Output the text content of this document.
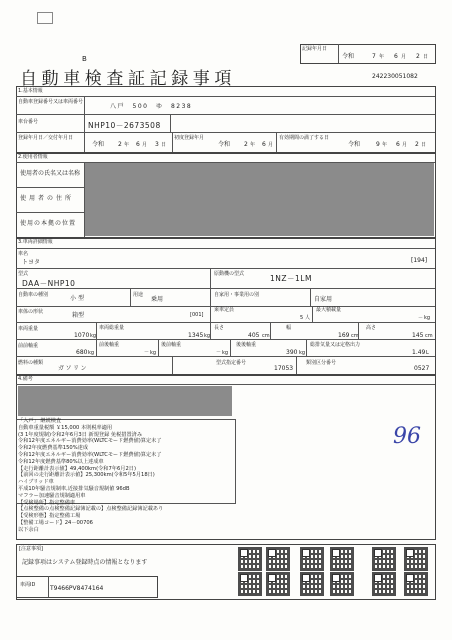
B
自動車検査証記録事項
記録年月日
令和	7 年 6 月 2 日
242230051082
1.基本情報
自動車登録番号又は車両番号
八戸　500　ゆ　8238
車台番号	NHP10－2673508
登録年月日／交付年月日
令和 2 年 6 月 3 日
初度登録年月
令和 2 年 6 月
有効期間の満了する日
令和	9 年 6 月 2 日
2.使用者情報
使用者の氏名又は名称
使用者の住所
使用の本拠の位置
3.車両詳細情報
車名
トヨタ	[194]
型式
DAA－NHP10
原動機の型式	1NZ－1LM
自動車の種別	小型	用途
乗用
自家用・事業用の別
自家用
車体の形状	箱型	[001]
乗車定員
5 人
最大積載量
－ kg
車両重量
1070 kg
車両総重量
1345 kg
長さ
405 cm
幅
169 cm
高さ
145 cm
前前軸重
680 kg
前後軸重
－ kg
後前軸重
－ kg
後後軸重
390 kg
総排気量又は定格出力
1.49 L
燃料の種類
ガソリン
型式指定番号
17053
類別区分番号
0527
4.備考
「入戸」 継続検査
自動車重量税額 ￥15,000 本則税率適用
(3 1年度規制)令和2年6月3日 新規登録 免税措置済み
令和12年度エネルギー消費効率(WLTCモード燃費値)算定未了
令和2年度燃費基準150%達成
令和12年度エネルギー消費効率(WLTCモード燃費値)算定未了
令和12年度燃費基準80%以上達成車
【走行距離計表示値】49,400km(令和7年6月2日)
【前回の走行距離計表示値】25,300km(令和5年5月18日)
ハイブリッド車
平成10年騒音規制車,近接排気騒音規制値 96dB
マフラー加速騒音規制適用車
【受検場所】指定整備車
【点検整備の点検整備記録簿記載の】点検整備記録簿記載あり
【受検形態】指定整備工場
【整備工場コード】24－00706
以下余白
96
[注意事項]
記録事項はシステム登録時点の情報となります
車両ID T9466PV8474164
